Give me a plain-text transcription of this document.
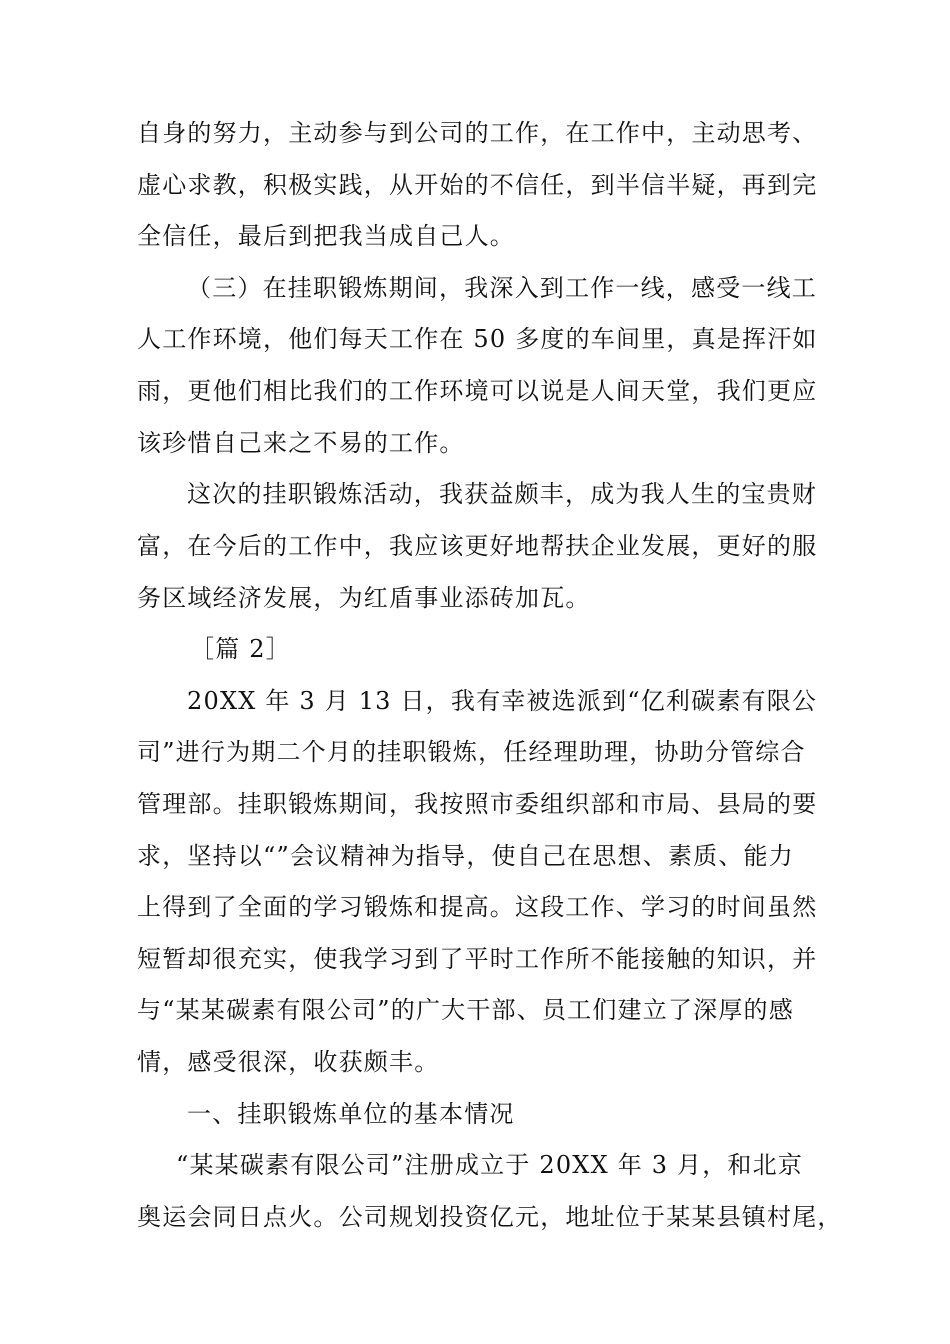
自身的努力，主动参与到公司的工作，在工作中，主动思考、
虚心求教，积极实践，从开始的不信任，到半信半疑，再到完
全信任，最后到把我当成自己人。
（三）在挂职锻炼期间，我深入到工作一线，感受一线工
人工作环境，他们每天工作在 50 多度的车间里，真是挥汗如
雨，更他们相比我们的工作环境可以说是人间天堂，我们更应
该珍惜自己来之不易的工作。
这次的挂职锻炼活动，我获益颇丰，成为我人生的宝贵财
富，在今后的工作中，我应该更好地帮扶企业发展，更好的服
务区域经济发展，为红盾事业添砖加瓦。
［篇 2］
20XX 年 3 月 13 日，我有幸被选派到“亿利碳素有限公
司”进行为期二个月的挂职锻炼，任经理助理，协助分管综合
管理部。挂职锻炼期间，我按照市委组织部和市局、县局的要
求，坚持以“”会议精神为指导，使自己在思想、素质、能力
上得到了全面的学习锻炼和提高。这段工作、学习的时间虽然
短暂却很充实，使我学习到了平时工作所不能接触的知识，并
与“某某碳素有限公司”的广大干部、员工们建立了深厚的感
情，感受很深，收获颇丰。
一、挂职锻炼单位的基本情况
“某某碳素有限公司”注册成立于 20XX 年 3 月，和北京
奥运会同日点火。公司规划投资亿元，地址位于某某县镇村尾，
